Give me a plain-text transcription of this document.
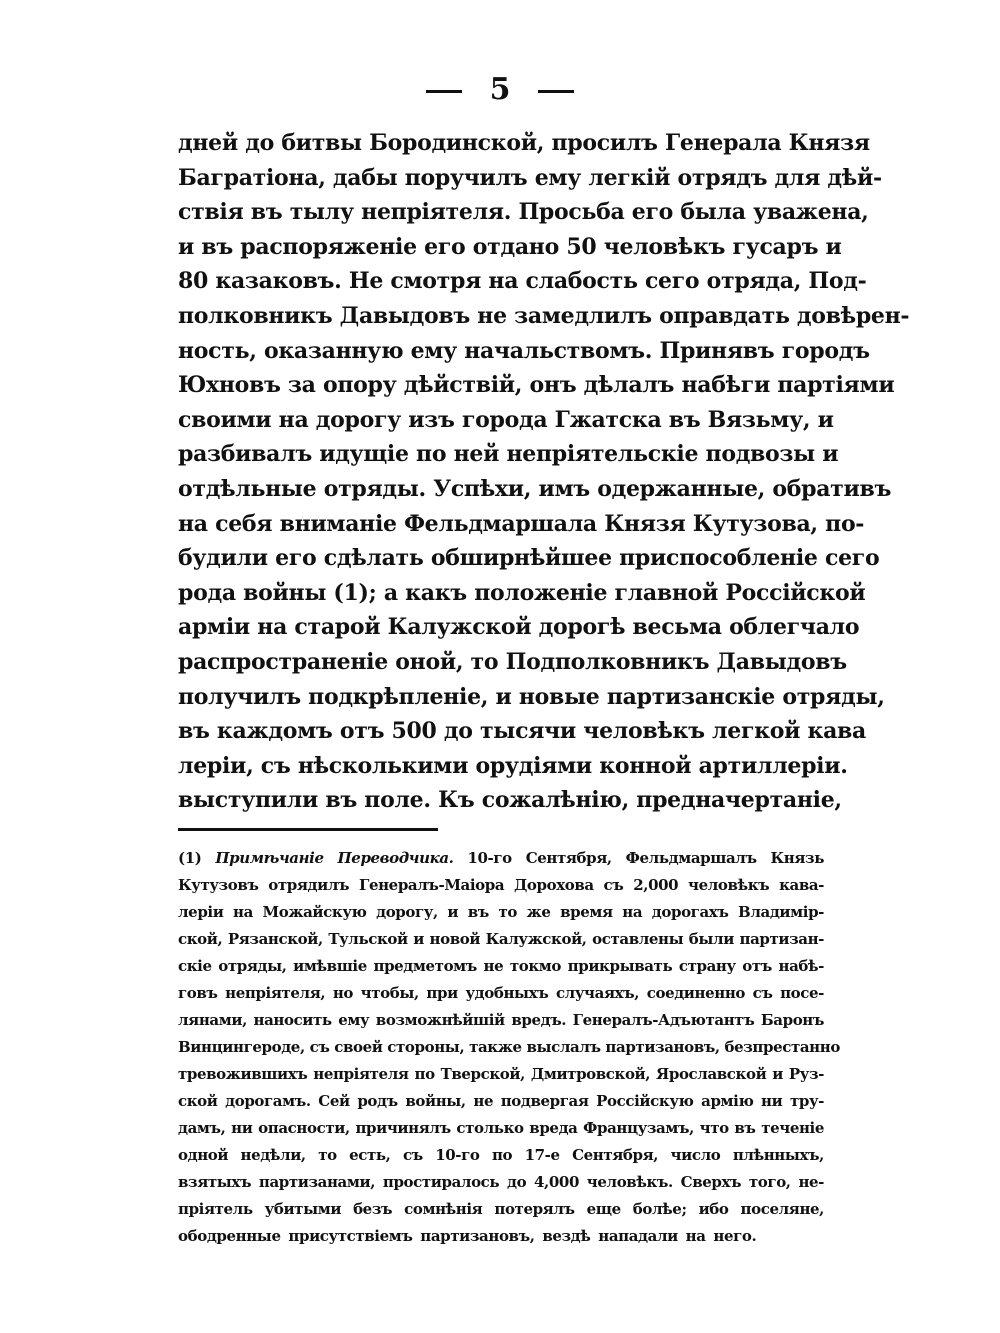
5
дней до битвы Бородинской, просилъ Генерала Князя
Багратіона, дабы поручилъ ему легкій отрядъ для дѣй-
ствія въ тылу непріятеля. Просьба его была уважена,
и въ распоряженіе его отдано 50 человѣкъ гусаръ и
80 казаковъ. Не смотря на слабость сего отряда, Под-
полковникъ Давыдовъ не замедлилъ оправдать довѣрен-
ность, оказанную ему начальствомъ. Принявъ городъ
Юхновъ за опору дѣйствій, онъ дѣлалъ набѣги партіями
своими на дорогу изъ города Гжатска въ Вязьму, и
разбивалъ идущіе по ней непріятельскіе подвозы и
отдѣльные отряды. Успѣхи, имъ одержанные, обративъ
на себя вниманіе Фельдмаршала Князя Кутузова, по-
будили его сдѣлать обширнѣйшее приспособленіе сего
рода войны (1); а какъ положеніе главной Россійской
арміи на старой Калужской дорогѣ весьма облегчало
распространеніе оной, то Подполковникъ Давыдовъ
получилъ подкрѣпленіе, и новые партизанскіе отряды,
въ каждомъ отъ 500 до тысячи человѣкъ легкой кава
леріи, съ нѣсколькими орудіями конной артиллеріи.
выступили въ поле. Къ сожалѣнію, предначертаніе,
(1) Примѣчаніе Переводчика. 10-го Сентября, Фельдмаршалъ Князь
Кутузовъ отрядилъ Генералъ-Маіора Дорохова съ 2,000 человѣкъ кава-
леріи на Можайскую дорогу, и въ то же время на дорогахъ Владимір-
ской, Рязанской, Тульской и новой Калужской, оставлены были партизан-
скіе отряды, имѣвшіе предметомъ не токмо прикрывать страну отъ набѣ-
говъ непріятеля, но чтобы, при удобныхъ случаяхъ, соединенно съ посе-
лянами, наносить ему возможнѣйшій вредъ. Генералъ-Адъютантъ Баронъ
Винцингероде, съ своей стороны, также выслалъ партизановъ, безпрестанно
тревожившихъ непріятеля по Тверской, Дмитровской, Ярославской и Руз-
ской дорогамъ. Сей родъ войны, не подвергая Россійскую армію ни тру-
дамъ, ни опасности, причинялъ столько вреда Французамъ, что въ теченіе
одной недѣли, то есть, съ 10-го по 17-е Сентября, число плѣнныхъ,
взятыхъ партизанами, простиралось до 4,000 человѣкъ. Сверхъ того, не-
пріятель убитыми безъ сомнѣнія потерялъ еще болѣе; ибо поселяне,
ободренные присутствіемъ партизановъ, вездѣ нападали на него.
